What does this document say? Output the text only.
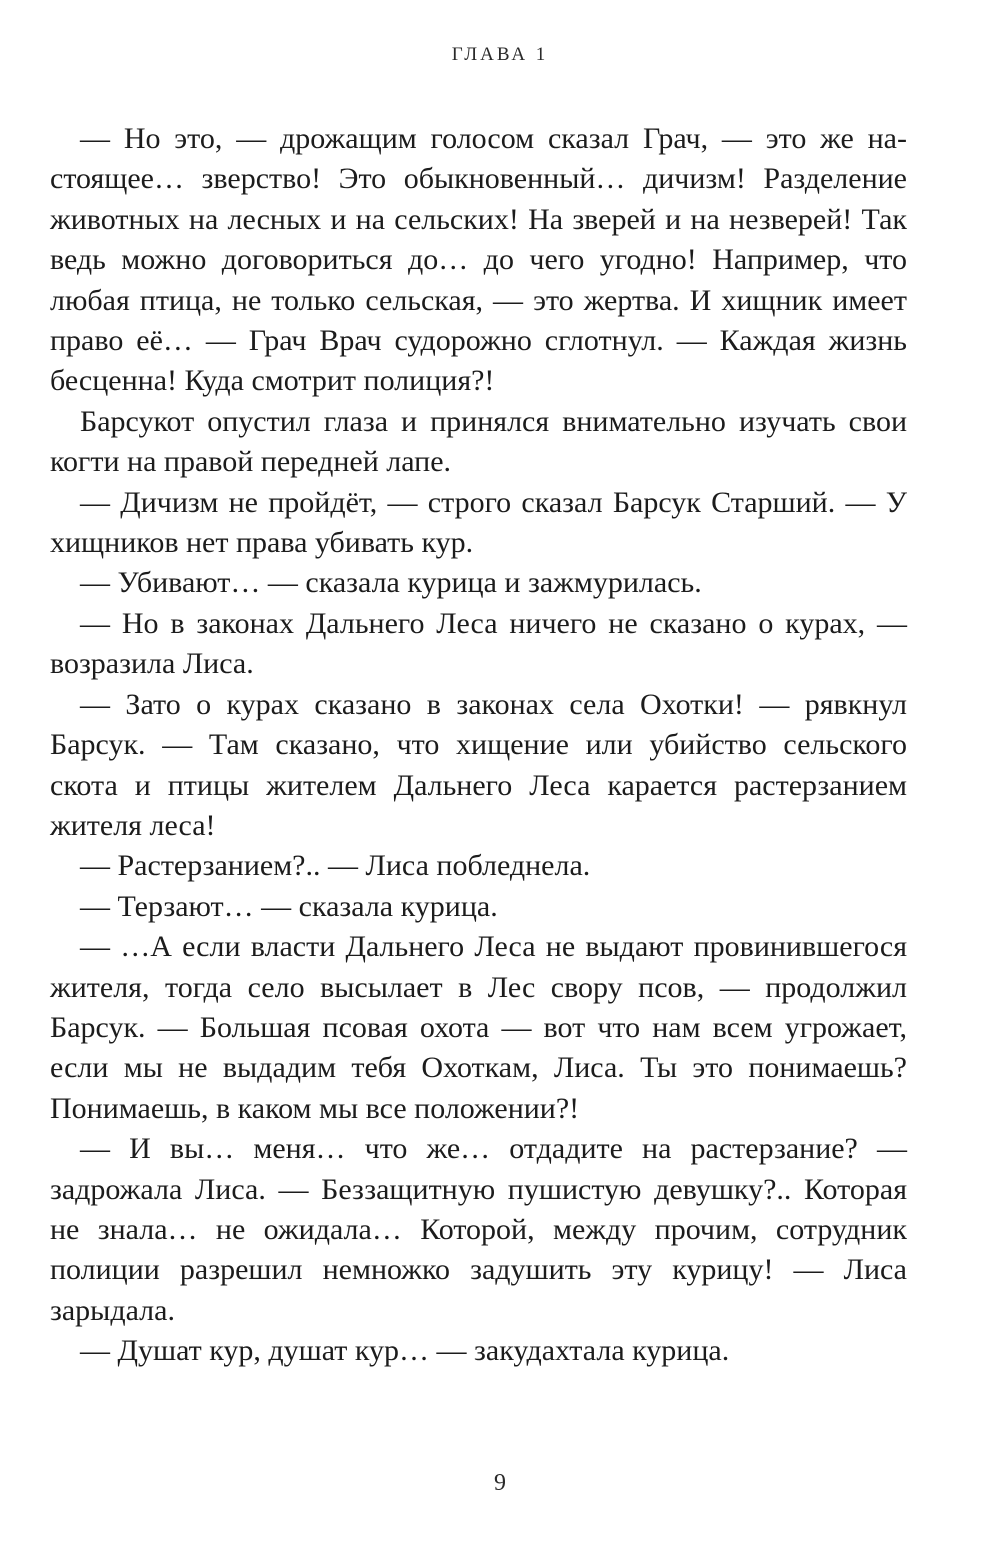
ГЛАВА 1

— Но это, — дрожащим голосом сказал Грач, — это же настоящее… зверство! Это обыкновенный… дичизм! Разделение животных на лесных и на сельских! На зверей и на незверей! Так ведь можно договориться до… до чего угодно! Например, что любая птица, не только сельская, — это жертва. И хищник имеет право её… — Грач Врач судорожно сглотнул. — Каждая жизнь бесценна! Куда смотрит полиция?!

Барсукот опустил глаза и принялся внимательно изучать свои когти на правой передней лапе.

— Дичизм не пройдёт, — строго сказал Барсук Старший. — У хищников нет права убивать кур.

— Убивают… — сказала курица и зажмурилась.

— Но в законах Дальнего Леса ничего не сказано о курах, — возразила Лиса.

— Зато о курах сказано в законах села Охотки! — рявкнул Барсук. — Там сказано, что хищение или убийство сельского скота и птицы жителем Дальнего Леса карается растерзанием жителя леса!

— Растерзанием?.. — Лиса побледнела.

— Терзают… — сказала курица.

— …А если власти Дальнего Леса не выдают провинившегося жителя, тогда село высылает в Лес свору псов, — продолжил Барсук. — Большая псовая охота — вот что нам всем угрожает, если мы не выдадим тебя Охоткам, Лиса. Ты это понимаешь? Понимаешь, в каком мы все положении?!

— И вы… меня… что же… отдадите на растерзание? — задрожала Лиса. — Беззащитную пушистую девушку?.. Которая не знала… не ожидала… Которой, между прочим, сотрудник полиции разрешил немножко задушить эту курицу! — Лиса зарыдала.

— Душат кур, душат кур… — закудахтала курица.

9
